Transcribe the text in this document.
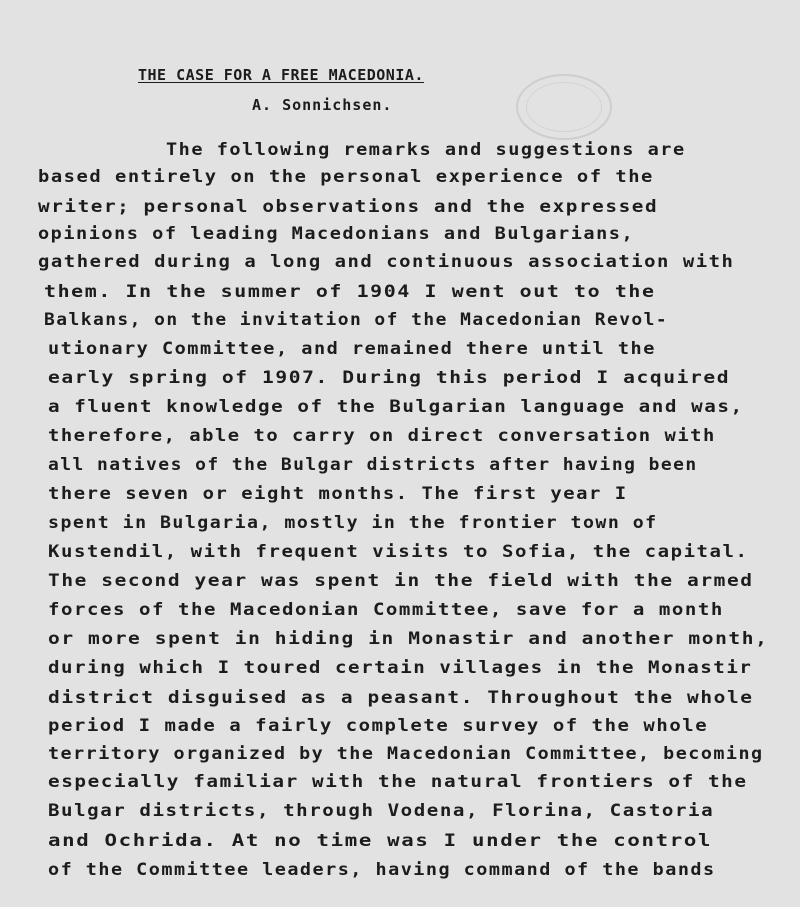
THE CASE FOR A FREE MACEDONIA.
A. Sonnichsen.
The following remarks and suggestions are
based entirely on the personal experience of the
writer; personal observations and the expressed
opinions of leading Macedonians and Bulgarians,
gathered during a long and continuous association with
them. In the summer of 1904 I went out to the
Balkans, on the invitation of the Macedonian Revol-
utionary Committee, and remained there until the
early spring of 1907. During this period I acquired
a fluent knowledge of the Bulgarian language and was,
therefore, able to carry on direct conversation with
all natives of the Bulgar districts after having been
there seven or eight months. The first year I
spent in Bulgaria, mostly in the frontier town of
Kustendil, with frequent visits to Sofia, the capital.
The second year was spent in the field with the armed
forces of the Macedonian Committee, save for a month
or more spent in hiding in Monastir and another month,
during which I toured certain villages in the Monastir
district disguised as a peasant. Throughout the whole
period I made a fairly complete survey of the whole
territory organized by the Macedonian Committee, becoming
especially familiar with the natural frontiers of the
Bulgar districts, through Vodena, Florina, Castoria
and Ochrida. At no time was I under the control
of the Committee leaders, having command of the bands
